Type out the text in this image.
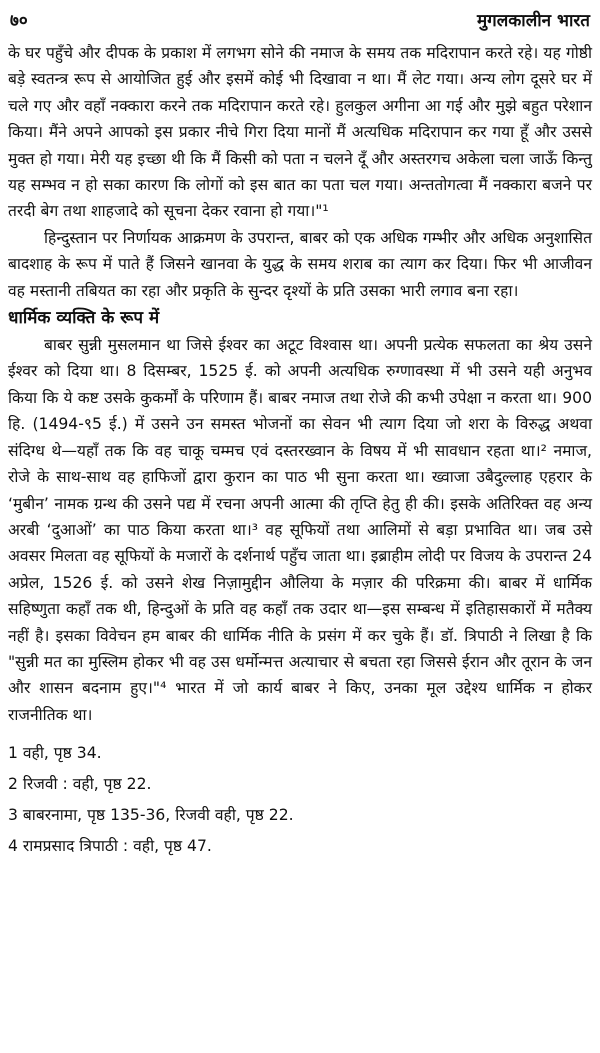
७०	मुगलकालीन भारत

के घर पहुँचे और दीपक के प्रकाश में लगभग सोने की नमाज के समय तक मदिरापान करते रहे। यह गोष्ठी बड़े स्वतन्त्र रूप से आयोजित हुई और इसमें कोई भी दिखावा न था। मैं लेट गया। अन्य लोग दूसरे घर में चले गए और वहाँ नक्कारा करने तक मदिरापान करते रहे। हुलकुल अगीना आ गई और मुझे बहुत परेशान किया। मैंने अपने आपको इस प्रकार नीचे गिरा दिया मानों मैं अत्यधिक मदिरापान कर गया हूँ और उससे मुक्त हो गया। मेरी यह इच्छा थी कि मैं किसी को पता न चलने दूँ और अस्तरगच अकेला चला जाऊँ किन्तु यह सम्भव न हो सका कारण कि लोगों को इस बात का पता चल गया। अन्ततोगत्वा मैं नक्कारा बजने पर तरदी बेग तथा शाहजादे को सूचना देकर रवाना हो गया।"¹

हिन्दुस्तान पर निर्णायक आक्रमण के उपरान्त, बाबर को एक अधिक गम्भीर और अधिक अनुशासित बादशाह के रूप में पाते हैं जिसने खानवा के युद्ध के समय शराब का त्याग कर दिया। फिर भी आजीवन वह मस्तानी तबियत का रहा और प्रकृति के सुन्दर दृश्यों के प्रति उसका भारी लगाव बना रहा।

धार्मिक व्यक्ति के रूप में

बाबर सुन्नी मुसलमान था जिसे ईश्वर का अटूट विश्वास था। अपनी प्रत्येक सफलता का श्रेय उसने ईश्वर को दिया था। 8 दिसम्बर, 1525 ई. को अपनी अत्यधिक रुग्णावस्था में भी उसने यही अनुभव किया कि ये कष्ट उसके कुकर्मों के परिणाम हैं। बाबर नमाज तथा रोजे की कभी उपेक्षा न करता था। 900 हि. (1494-९5 ई.) में उसने उन समस्त भोजनों का सेवन भी त्याग दिया जो शरा के विरुद्ध अथवा संदिग्ध थे—यहाँ तक कि वह चाकू चम्मच एवं दस्तरख्वान के विषय में भी सावधान रहता था।² नमाज, रोजे के साथ-साथ वह हाफिजों द्वारा कुरान का पाठ भी सुना करता था। ख्वाजा उबैदुल्लाह एहरार के ‘मुबीन’ नामक ग्रन्थ की उसने पद्य में रचना अपनी आत्मा की तृप्ति हेतु ही की। इसके अतिरिक्त वह अन्य अरबी ‘दुआओं’ का पाठ किया करता था।³ वह सूफियों तथा आलिमों से बड़ा प्रभावित था। जब उसे अवसर मिलता वह सूफियों के मजारों के दर्शनार्थ पहुँच जाता था। इब्राहीम लोदी पर विजय के उपरान्त 24 अप्रेल, 1526 ई. को उसने शेख निज़ामुद्दीन औलिया के मज़ार की परिक्रमा की। बाबर में धार्मिक सहिष्णुता कहाँ तक थी, हिन्दुओं के प्रति वह कहाँ तक उदार था—इस सम्बन्ध में इतिहासकारों में मतैक्य नहीं है। इसका विवेचन हम बाबर की धार्मिक नीति के प्रसंग में कर चुके हैं। डॉ. त्रिपाठी ने लिखा है कि "सुन्नी मत का मुस्लिम होकर भी वह उस धर्मोन्मत्त अत्याचार से बचता रहा जिससे ईरान और तूरान के जन और शासन बदनाम हुए।"⁴ भारत में जो कार्य बाबर ने किए, उनका मूल उद्देश्य धार्मिक न होकर राजनीतिक था।

1 वही, पृष्ठ 34.

2 रिजवी : वही, पृष्ठ 22.

3 बाबरनामा, पृष्ठ 135-36, रिजवी वही, पृष्ठ 22.

4 रामप्रसाद त्रिपाठी : वही, पृष्ठ 47.
